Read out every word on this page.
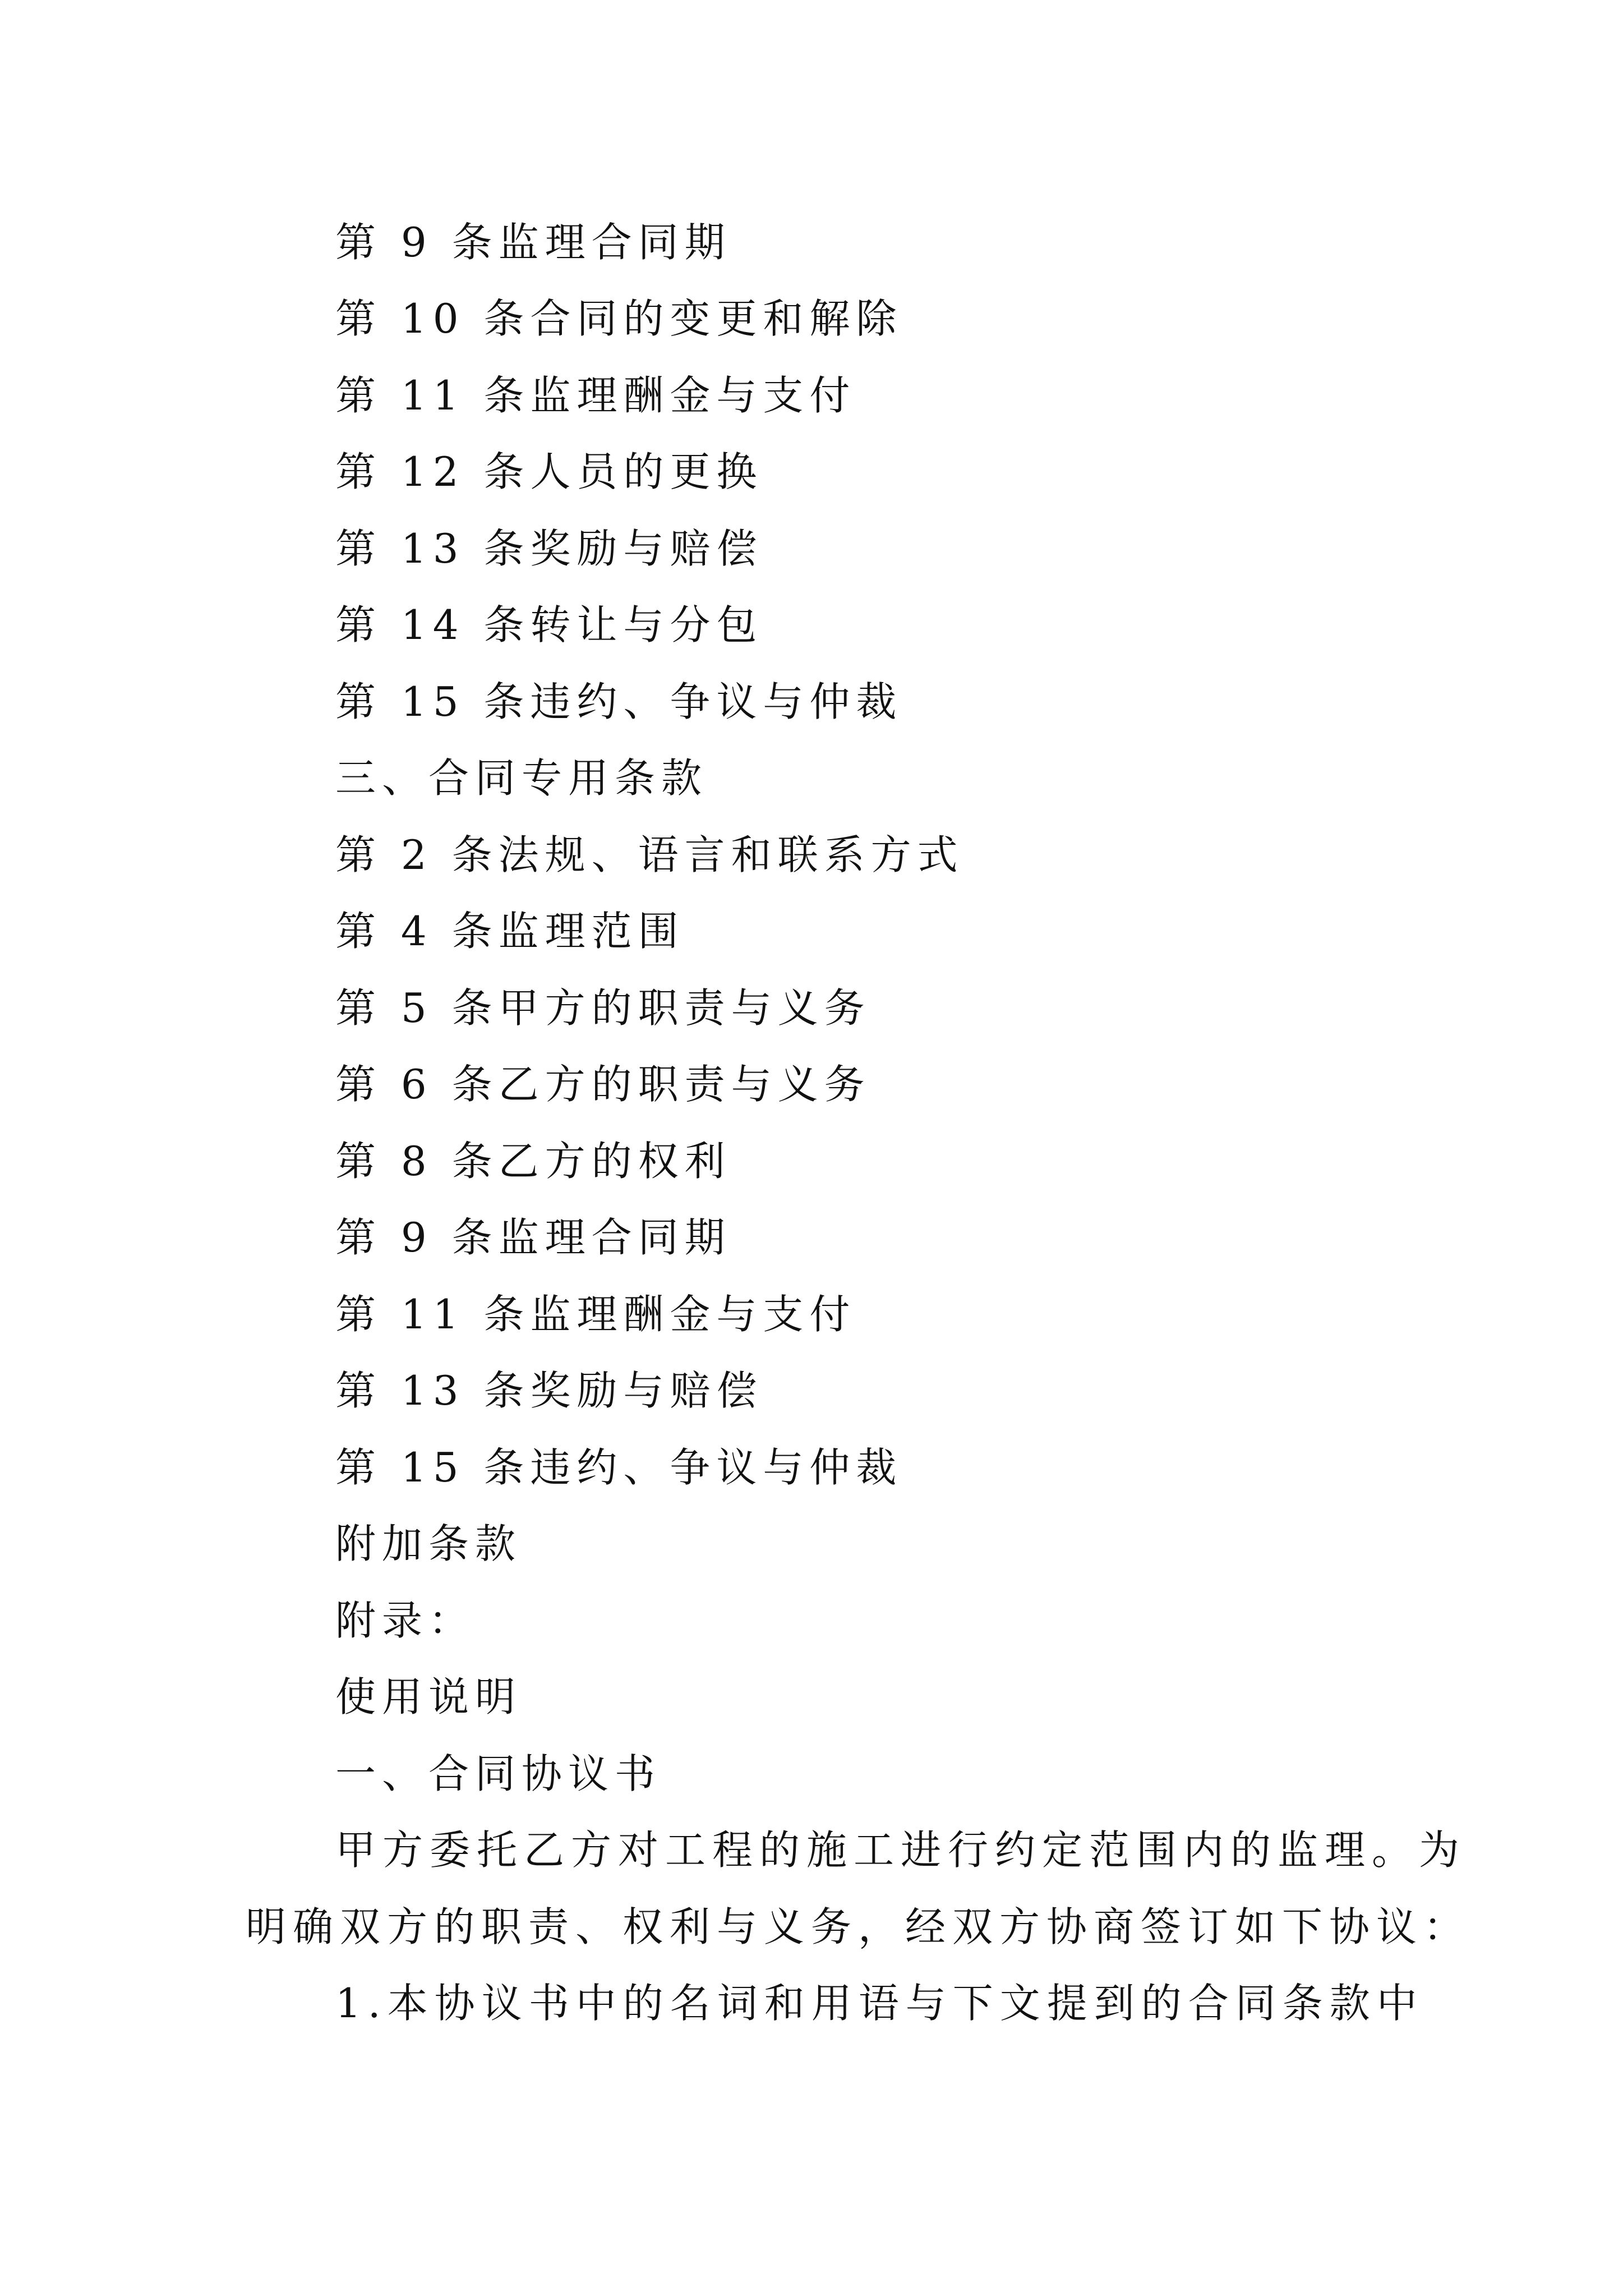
第 9 条监理合同期
第 10 条合同的变更和解除
第 11 条监理酬金与支付
第 12 条人员的更换
第 13 条奖励与赔偿
第 14 条转让与分包
第 15 条违约、争议与仲裁
三、合同专用条款
第 2 条法规、语言和联系方式
第 4 条监理范围
第 5 条甲方的职责与义务
第 6 条乙方的职责与义务
第 8 条乙方的权利
第 9 条监理合同期
第 11 条监理酬金与支付
第 13 条奖励与赔偿
第 15 条违约、争议与仲裁
附加条款
附录：
使用说明
一、合同协议书
甲方委托乙方对工程的施工进行约定范围内的监理。为
明确双方的职责、权利与义务，经双方协商签订如下协议：
1.本协议书中的名词和用语与下文提到的合同条款中
